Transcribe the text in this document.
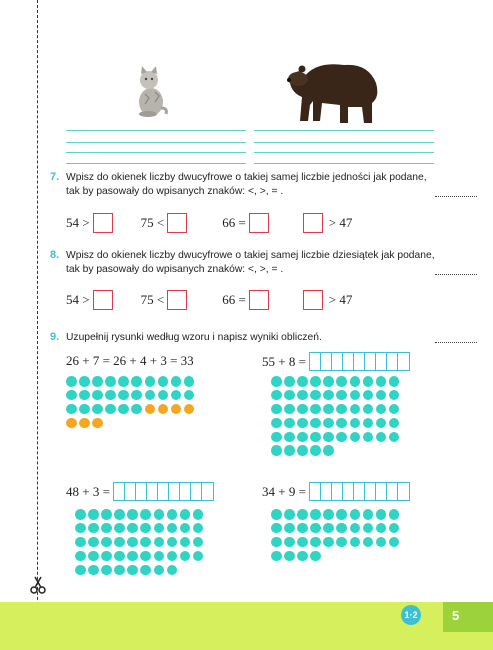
7. Wpisz do okienek liczby dwucyfrowe o takiej samej liczbie jedności jak podane,
tak by pasowały do wpisanych znaków: <, >, = .
54 >	75 <	66 =	> 47
8. Wpisz do okienek liczby dwucyfrowe o takiej samej liczbie dziesiątek jak podane,
tak by pasowały do wpisanych znaków: <, >, = .
54 >	75 <	66 =	> 47
9. Uzupełnij rysunki według wzoru i napisz wyniki obliczeń.
26 + 7 = 26 + 4 + 3 = 33	55 + 8 =
48 + 3 =	34 + 9 =
1·2	5
